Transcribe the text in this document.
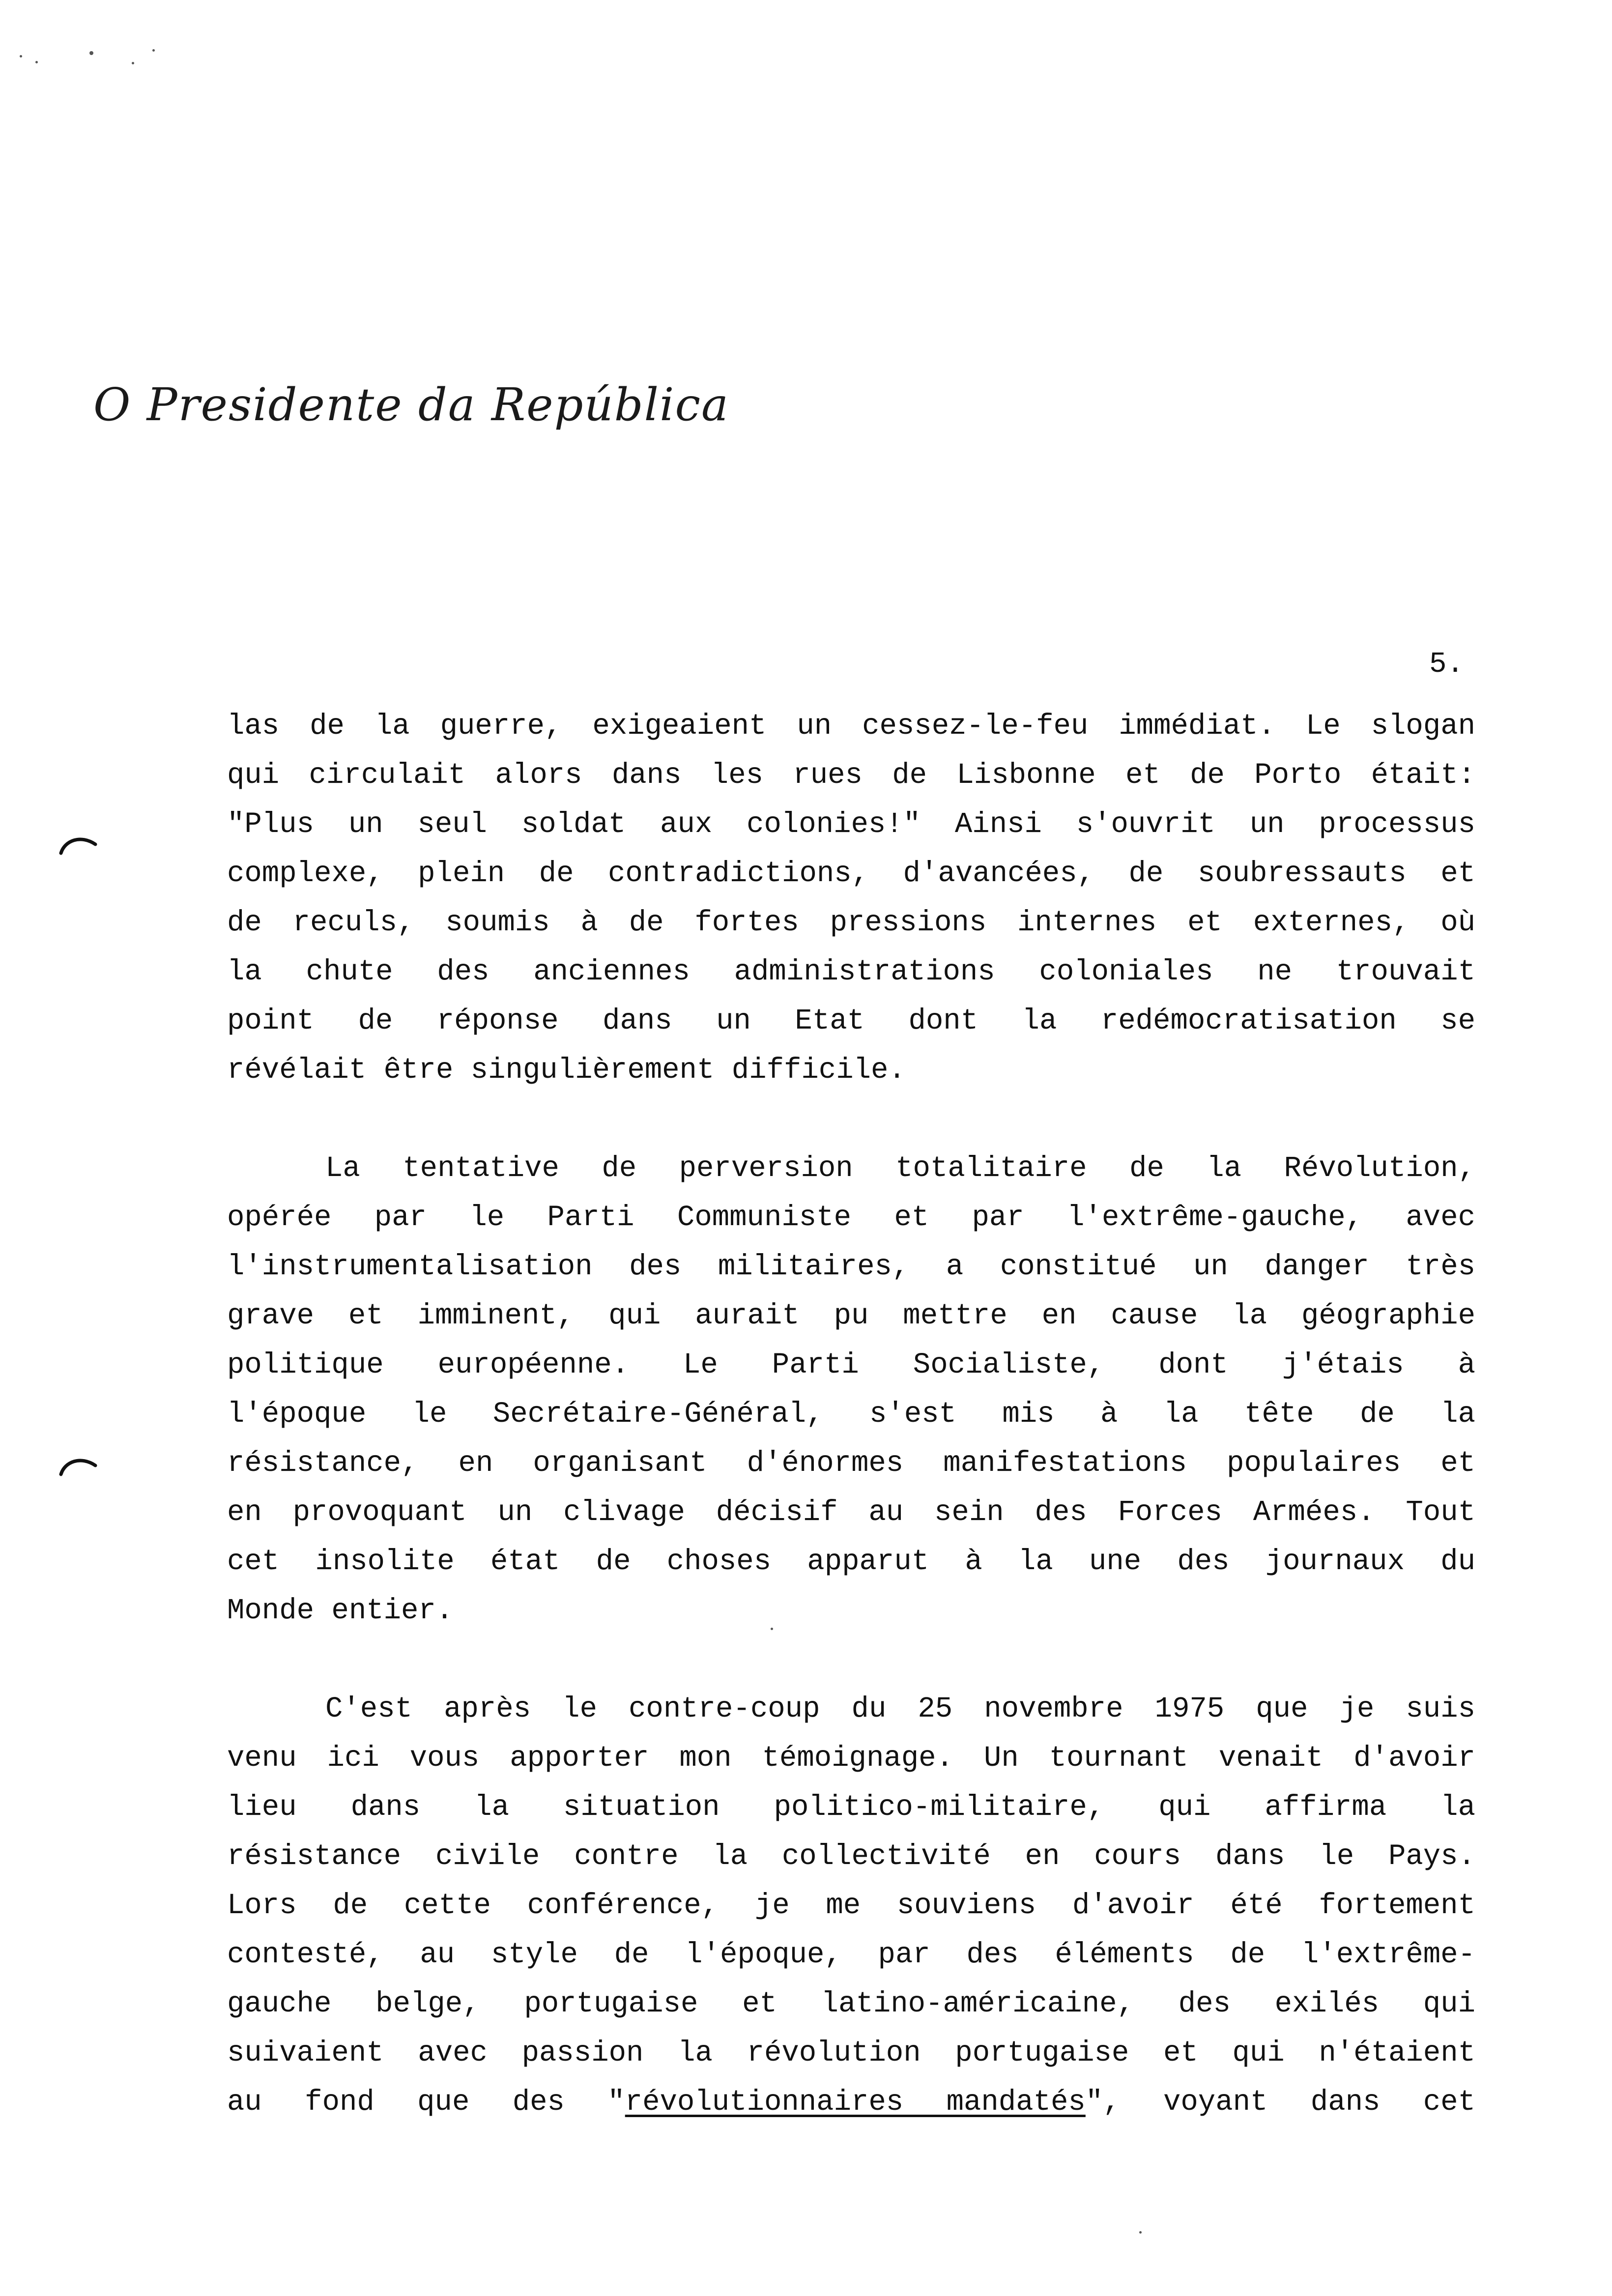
O Presidente da República
5.
las de la guerre, exigeaient un cessez-le-feu immédiat. Le slogan
qui circulait alors dans les rues de Lisbonne et de Porto était:
"Plus un seul soldat aux colonies!" Ainsi s'ouvrit un processus
complexe, plein de contradictions, d'avancées, de soubressauts et
de reculs, soumis à de fortes pressions internes et externes, où
la chute des anciennes administrations coloniales ne trouvait
point de réponse dans un Etat dont la redémocratisation se
révélait être singulièrement difficile.
La tentative de perversion totalitaire de la Révolution,
opérée par le Parti Communiste et par l'extrême-gauche, avec
l'instrumentalisation des militaires, a constitué un danger très
grave et imminent, qui aurait pu mettre en cause la géographie
politique européenne. Le Parti Socialiste, dont j'étais à
l'époque le Secrétaire-Général, s'est mis à la tête de la
résistance, en organisant d'énormes manifestations populaires et
en provoquant un clivage décisif au sein des Forces Armées. Tout
cet insolite état de choses apparut à la une des journaux du
Monde entier.
C'est après le contre-coup du 25 novembre 1975 que je suis
venu ici vous apporter mon témoignage. Un tournant venait d'avoir
lieu dans la situation politico-militaire, qui affirma la
résistance civile contre la collectivité en cours dans le Pays.
Lors de cette conférence, je me souviens d'avoir été fortement
contesté, au style de l'époque, par des éléments de l'extrême-
gauche belge, portugaise et latino-américaine, des exilés qui
suivaient avec passion la révolution portugaise et qui n'étaient
au fond que des "révolutionnaires mandatés", voyant dans cet
